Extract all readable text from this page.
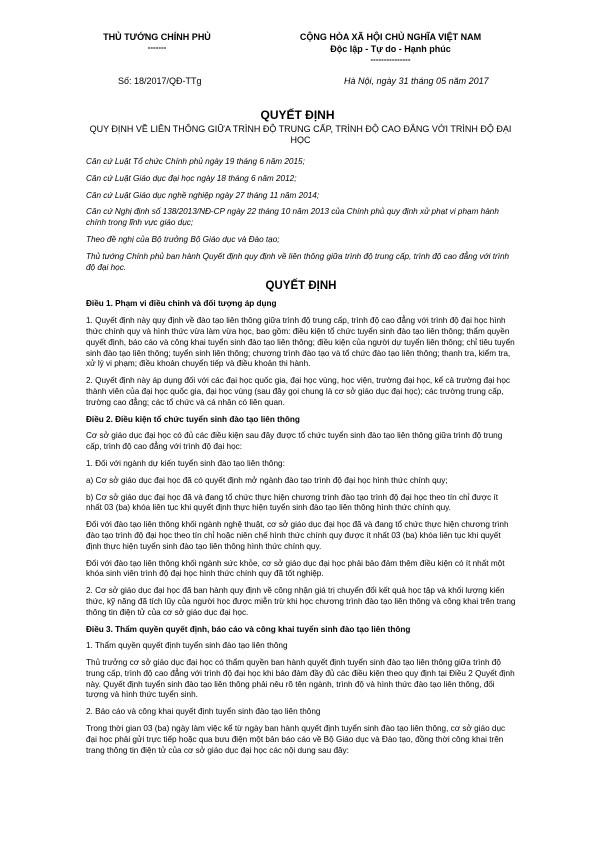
THỦ TƯỚNG CHÍNH PHỦ
-------
CỘNG HÒA XÃ HỘI CHỦ NGHĨA VIỆT NAM
Độc lập - Tự do - Hạnh phúc
---------------
Số: 18/2017/QĐ-TTg	Hà Nội, ngày 31 tháng 05 năm 2017
QUYẾT ĐỊNH
QUY ĐỊNH VỀ LIÊN THÔNG GIỮA TRÌNH ĐỘ TRUNG CẤP, TRÌNH ĐỘ CAO ĐẲNG VỚI TRÌNH ĐỘ ĐẠI HỌC

Căn cứ Luật Tổ chức Chính phủ ngày 19 tháng 6 năm 2015;

Căn cứ Luật Giáo dục đại học ngày 18 tháng 6 năm 2012;

Căn cứ Luật Giáo dục nghề nghiệp ngày 27 tháng 11 năm 2014;

Căn cứ Nghị định số 138/2013/NĐ-CP ngày 22 tháng 10 năm 2013 của Chính phủ quy định xử phạt vi phạm hành chính trong lĩnh vực giáo dục;

Theo đề nghị của Bộ trưởng Bộ Giáo dục và Đào tạo;

Thủ tướng Chính phủ ban hành Quyết định quy định về liên thông giữa trình độ trung cấp, trình độ cao đẳng với trình độ đại học.

QUYẾT ĐỊNH

Điều 1. Phạm vi điều chỉnh và đối tượng áp dụng

1. Quyết định này quy định về đào tạo liên thông giữa trình độ trung cấp, trình độ cao đẳng với trình độ đại học hình thức chính quy và hình thức vừa làm vừa học, bao gồm: điều kiện tổ chức tuyển sinh đào tạo liên thông; thẩm quyền quyết định, báo cáo và công khai tuyển sinh đào tạo liên thông; điều kiện của người dự tuyển liên thông; chỉ tiêu tuyển sinh đào tạo liên thông; tuyển sinh liên thông; chương trình đào tạo và tổ chức đào tạo liên thông; thanh tra, kiểm tra, xử lý vi phạm; điều khoản chuyển tiếp và điều khoản thi hành.

2. Quyết định này áp dụng đối với các đại học quốc gia, đại học vùng, học viện, trường đại học, kể cả trường đại học thành viên của đại học quốc gia, đại học vùng (sau đây gọi chung là cơ sở giáo dục đại học); các trường trung cấp, trường cao đẳng; các tổ chức và cá nhân có liên quan.

Điều 2. Điều kiện tổ chức tuyển sinh đào tạo liên thông

Cơ sở giáo dục đại học có đủ các điều kiện sau đây được tổ chức tuyển sinh đào tạo liên thông giữa trình độ trung cấp, trình độ cao đẳng với trình độ đại học:

1. Đối với ngành dự kiến tuyển sinh đào tạo liên thông:

a) Cơ sở giáo dục đại học đã có quyết định mở ngành đào tạo trình độ đại học hình thức chính quy;

b) Cơ sở giáo dục đại học đã và đang tổ chức thực hiện chương trình đào tạo trình độ đại học theo tín chỉ được ít nhất 03 (ba) khóa liên tục khi quyết định thực hiện tuyển sinh đào tạo liên thông hình thức chính quy.

Đối với đào tạo liên thông khối ngành nghệ thuật, cơ sở giáo dục đại học đã và đang tổ chức thực hiện chương trình đào tạo trình độ đại học theo tín chỉ hoặc niên chế hình thức chính quy được ít nhất 03 (ba) khóa liên tục khi quyết định thực hiện tuyển sinh đào tạo liên thông hình thức chính quy.

Đối với đào tạo liên thông khối ngành sức khỏe, cơ sở giáo dục đại học phải bảo đảm thêm điều kiện có ít nhất một khóa sinh viên trình độ đại học hình thức chính quy đã tốt nghiệp.

2. Cơ sở giáo dục đại học đã ban hành quy định về công nhận giá trị chuyển đổi kết quả học tập và khối lượng kiến thức, kỹ năng đã tích lũy của người học được miễn trừ khi học chương trình đào tạo liên thông và công khai trên trang thông tin điện tử của cơ sở giáo dục đại học.

Điều 3. Thẩm quyền quyết định, báo cáo và công khai tuyển sinh đào tạo liên thông

1. Thẩm quyền quyết định tuyển sinh đào tạo liên thông

Thủ trưởng cơ sở giáo dục đại học có thẩm quyền ban hành quyết định tuyển sinh đào tạo liên thông giữa trình độ trung cấp, trình độ cao đẳng với trình độ đại học khi bảo đảm đầy đủ các điều kiện theo quy định tại Điều 2 Quyết định này. Quyết định tuyển sinh đào tạo liên thông phải nêu rõ tên ngành, trình độ và hình thức đào tạo liên thông, đối tượng và hình thức tuyển sinh.

2. Báo cáo và công khai quyết định tuyển sinh đào tạo liên thông

Trong thời gian 03 (ba) ngày làm việc kể từ ngày ban hành quyết định tuyển sinh đào tạo liên thông, cơ sở giáo dục đại học phải gửi trực tiếp hoặc qua bưu điện một bản báo cáo về Bộ Giáo dục và Đào tạo, đồng thời công khai trên trang thông tin điện tử của cơ sở giáo dục đại học các nội dung sau đây:
